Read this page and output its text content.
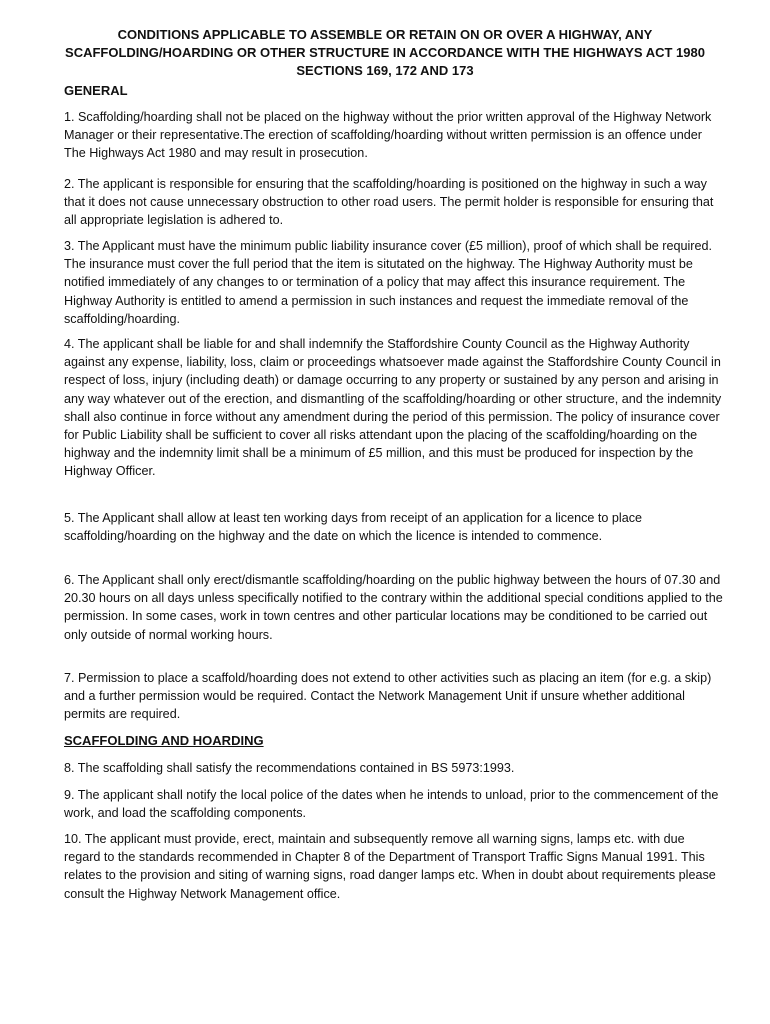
CONDITIONS APPLICABLE TO ASSEMBLE OR RETAIN ON OR OVER A HIGHWAY, ANY SCAFFOLDING/HOARDING OR OTHER STRUCTURE IN ACCORDANCE WITH THE HIGHWAYS ACT 1980 SECTIONS 169, 172 AND 173

GENERAL

1. Scaffolding/hoarding shall not be placed on the highway without the prior written approval of the Highway Network Manager or their representative.The erection of scaffolding/hoarding without written permission is an offence under The Highways Act 1980 and may result in prosecution.

2. The applicant is responsible for ensuring that the scaffolding/hoarding is positioned on the highway in such a way that it does not cause unnecessary obstruction to other road users. The permit holder is responsible for ensuring that all appropriate legislation is adhered to.

3. The Applicant must have the minimum public liability insurance cover (£5 million), proof of which shall be required. The insurance must cover the full period that the item is situtated on the highway. The Highway Authority must be notified immediately of any changes to or termination of a policy that may affect this insurance requirement. The Highway Authority is entitled to amend a permission in such instances and request the immediate removal of the scaffolding/hoarding.

4. The applicant shall be liable for and shall indemnify the Staffordshire County Council as the Highway Authority against any expense, liability, loss, claim or proceedings whatsoever made against the Staffordshire County Council in respect of loss, injury (including death) or damage occurring to any property or sustained by any person and arising in any way whatever out of the erection, and dismantling of the scaffolding/hoarding or other structure, and the indemnity shall also continue in force without any amendment during the period of this permission. The policy of insurance cover for Public Liability shall be sufficient to cover all risks attendant upon the placing of the scaffolding/hoarding on the highway and the indemnity limit shall be a minimum of £5 million, and this must be produced for inspection by the Highway Officer.

5. The Applicant shall allow at least ten working days from receipt of an application for a licence to place scaffolding/hoarding on the highway and the date on which the licence is intended to commence.

6. The Applicant shall only erect/dismantle scaffolding/hoarding on the public highway between the hours of 07.30 and 20.30 hours on all days unless specifically notified to the contrary within the additional special conditions applied to the permission. In some cases, work in town centres and other particular locations may be conditioned to be carried out only outside of normal working hours.

7. Permission to place a scaffold/hoarding does not extend to other activities such as placing an item (for e.g. a skip) and a further permission would be required. Contact the Network Management Unit if unsure whether additional permits are required.

SCAFFOLDING AND HOARDING

8. The scaffolding shall satisfy the recommendations contained in BS 5973:1993.

9. The applicant shall notify the local police of the dates when he intends to unload, prior to the commencement of the work, and load the scaffolding components.

10. The applicant must provide, erect, maintain and subsequently remove all warning signs, lamps etc. with due regard to the standards recommended in Chapter 8 of the Department of Transport Traffic Signs Manual 1991. This relates to the provision and siting of warning signs, road danger lamps etc. When in doubt about requirements please consult the Highway Network Management office.
